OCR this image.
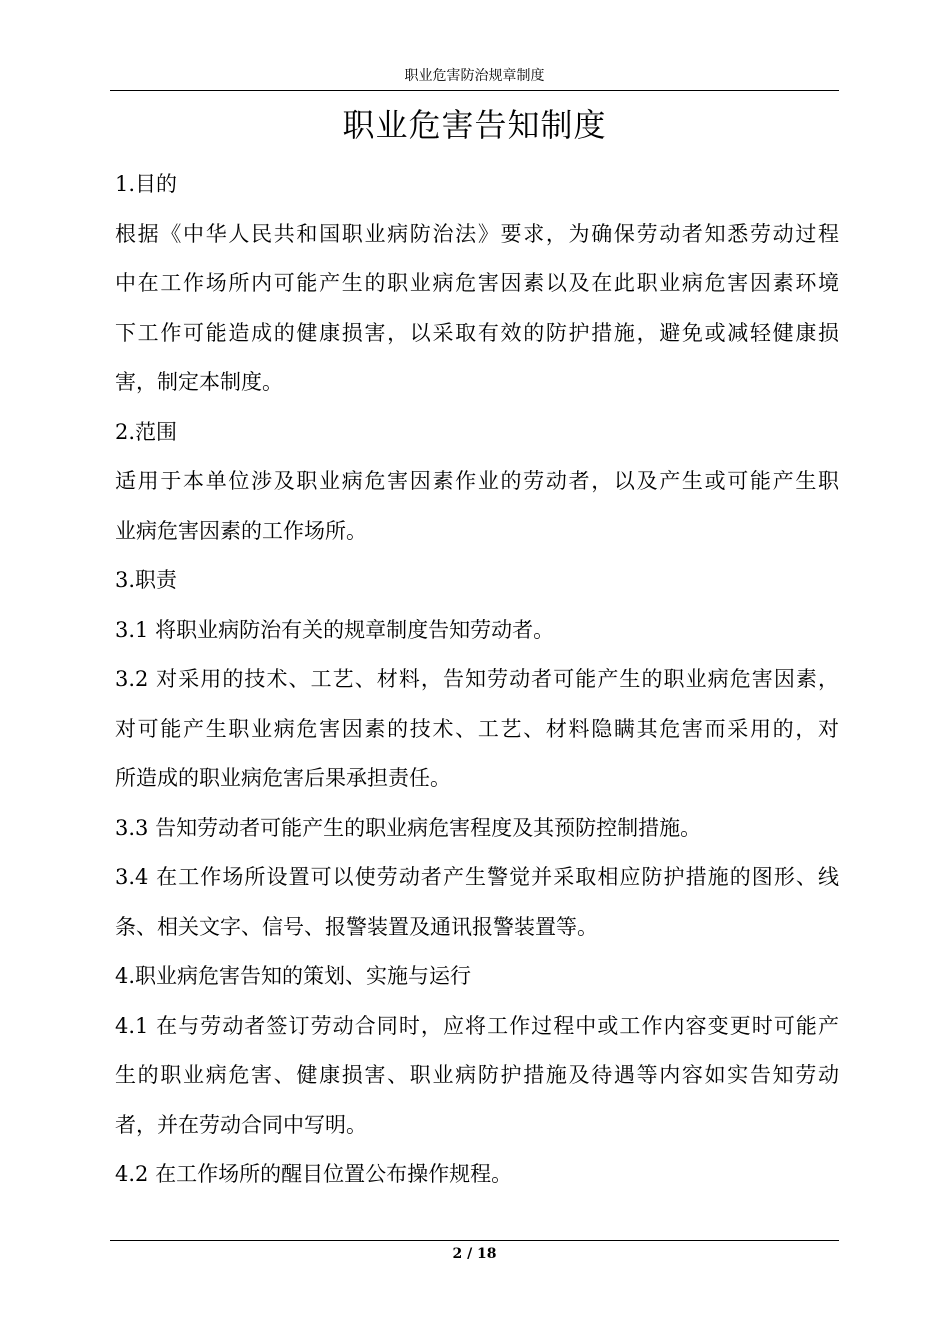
职业危害防治规章制度
职业危害告知制度
1.目的
根据《中华人民共和国职业病防治法》要求，为确保劳动者知悉劳动过程
中在工作场所内可能产生的职业病危害因素以及在此职业病危害因素环境
下工作可能造成的健康损害，以采取有效的防护措施，避免或减轻健康损
害，制定本制度。
2.范围
适用于本单位涉及职业病危害因素作业的劳动者，以及产生或可能产生职
业病危害因素的工作场所。
3.职责
3.1 将职业病防治有关的规章制度告知劳动者。
3.2 对采用的技术、工艺、材料，告知劳动者可能产生的职业病危害因素，
对可能产生职业病危害因素的技术、工艺、材料隐瞒其危害而采用的，对
所造成的职业病危害后果承担责任。
3.3 告知劳动者可能产生的职业病危害程度及其预防控制措施。
3.4 在工作场所设置可以使劳动者产生警觉并采取相应防护措施的图形、线
条、相关文字、信号、报警装置及通讯报警装置等。
4.职业病危害告知的策划、实施与运行
4.1 在与劳动者签订劳动合同时，应将工作过程中或工作内容变更时可能产
生的职业病危害、健康损害、职业病防护措施及待遇等内容如实告知劳动
者，并在劳动合同中写明。
4.2 在工作场所的醒目位置公布操作规程。
2 / 18
